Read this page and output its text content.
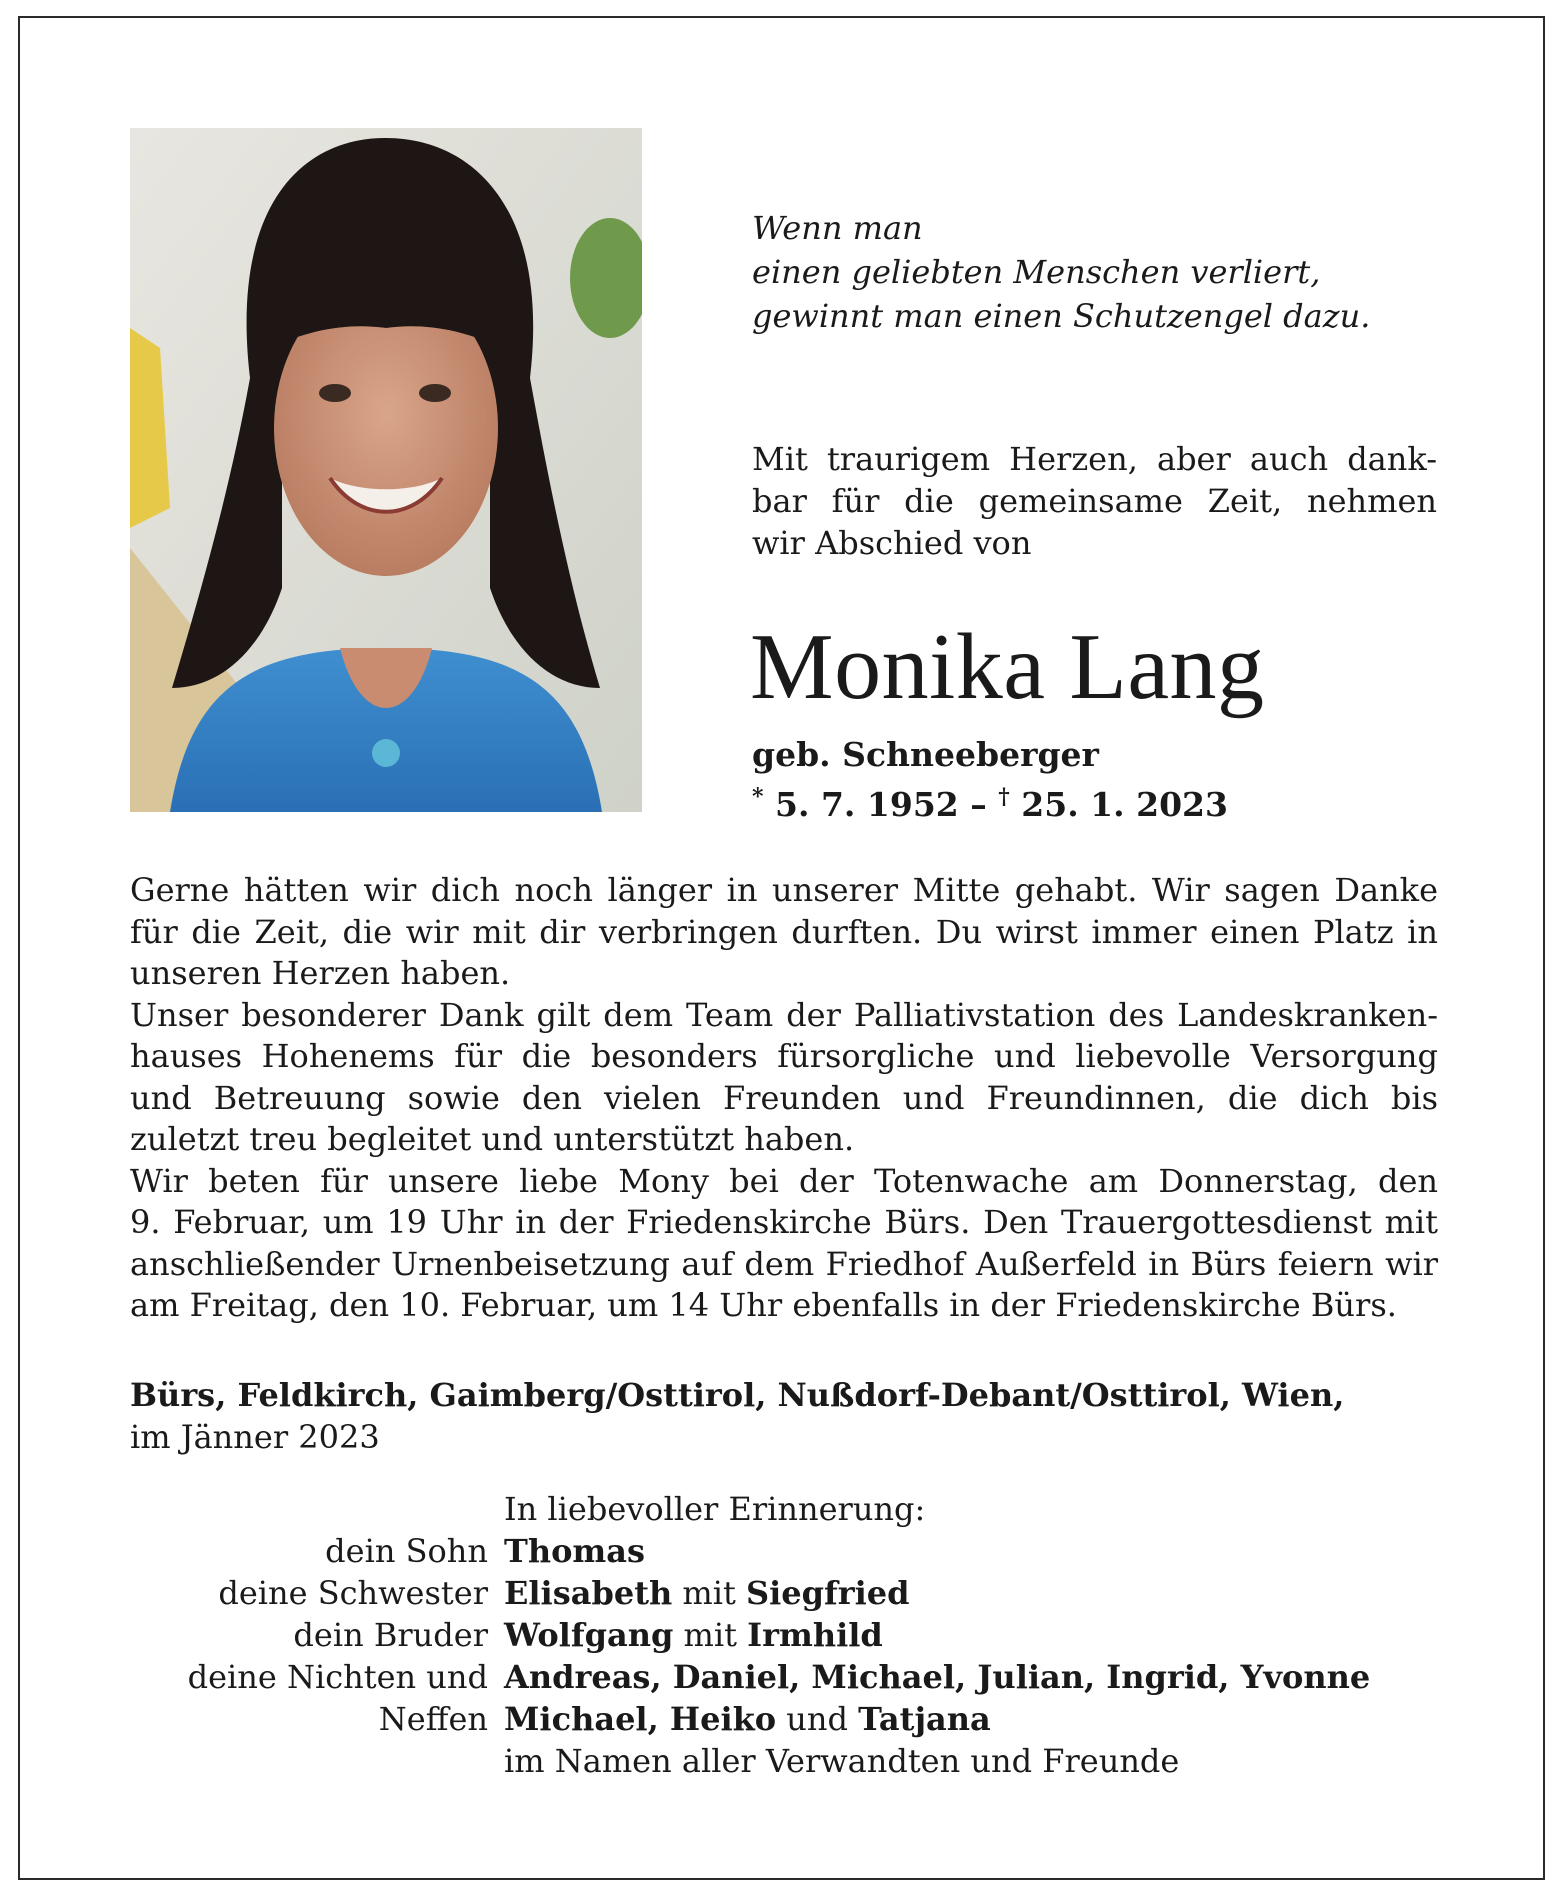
Wenn man
einen geliebten Menschen verliert,
gewinnt man einen Schutzengel dazu.
Mit traurigem Herzen, aber auch dank-
bar für die gemeinsame Zeit, nehmen
wir Abschied von
Monika Lang
geb. Schneeberger
* 5. 7. 1952 – † 25. 1. 2023
Gerne hätten wir dich noch länger in unserer Mitte gehabt. Wir sagen Danke
für die Zeit, die wir mit dir verbringen durften. Du wirst immer einen Platz in
unseren Herzen haben.
Unser besonderer Dank gilt dem Team der Palliativstation des Landeskranken-
hauses Hohenems für die besonders fürsorgliche und liebevolle Versorgung
und Betreuung sowie den vielen Freunden und Freundinnen, die dich bis
zuletzt treu begleitet und unterstützt haben.
Wir beten für unsere liebe Mony bei der Totenwache am Donnerstag, den
9. Februar, um 19 Uhr in der Friedenskirche Bürs. Den Trauergottesdienst mit
anschließender Urnenbeisetzung auf dem Friedhof Außerfeld in Bürs feiern wir
am Freitag, den 10. Februar, um 14 Uhr ebenfalls in der Friedenskirche Bürs.
Bürs, Feldkirch, Gaimberg/Osttirol, Nußdorf-Debant/Osttirol, Wien,
im Jänner 2023
In liebevoller Erinnerung:
dein Sohn Thomas
deine Schwester Elisabeth mit Siegfried
dein Bruder Wolfgang mit Irmhild
deine Nichten und Andreas, Daniel, Michael, Julian, Ingrid, Yvonne
Neffen Michael, Heiko und Tatjana
im Namen aller Verwandten und Freunde
